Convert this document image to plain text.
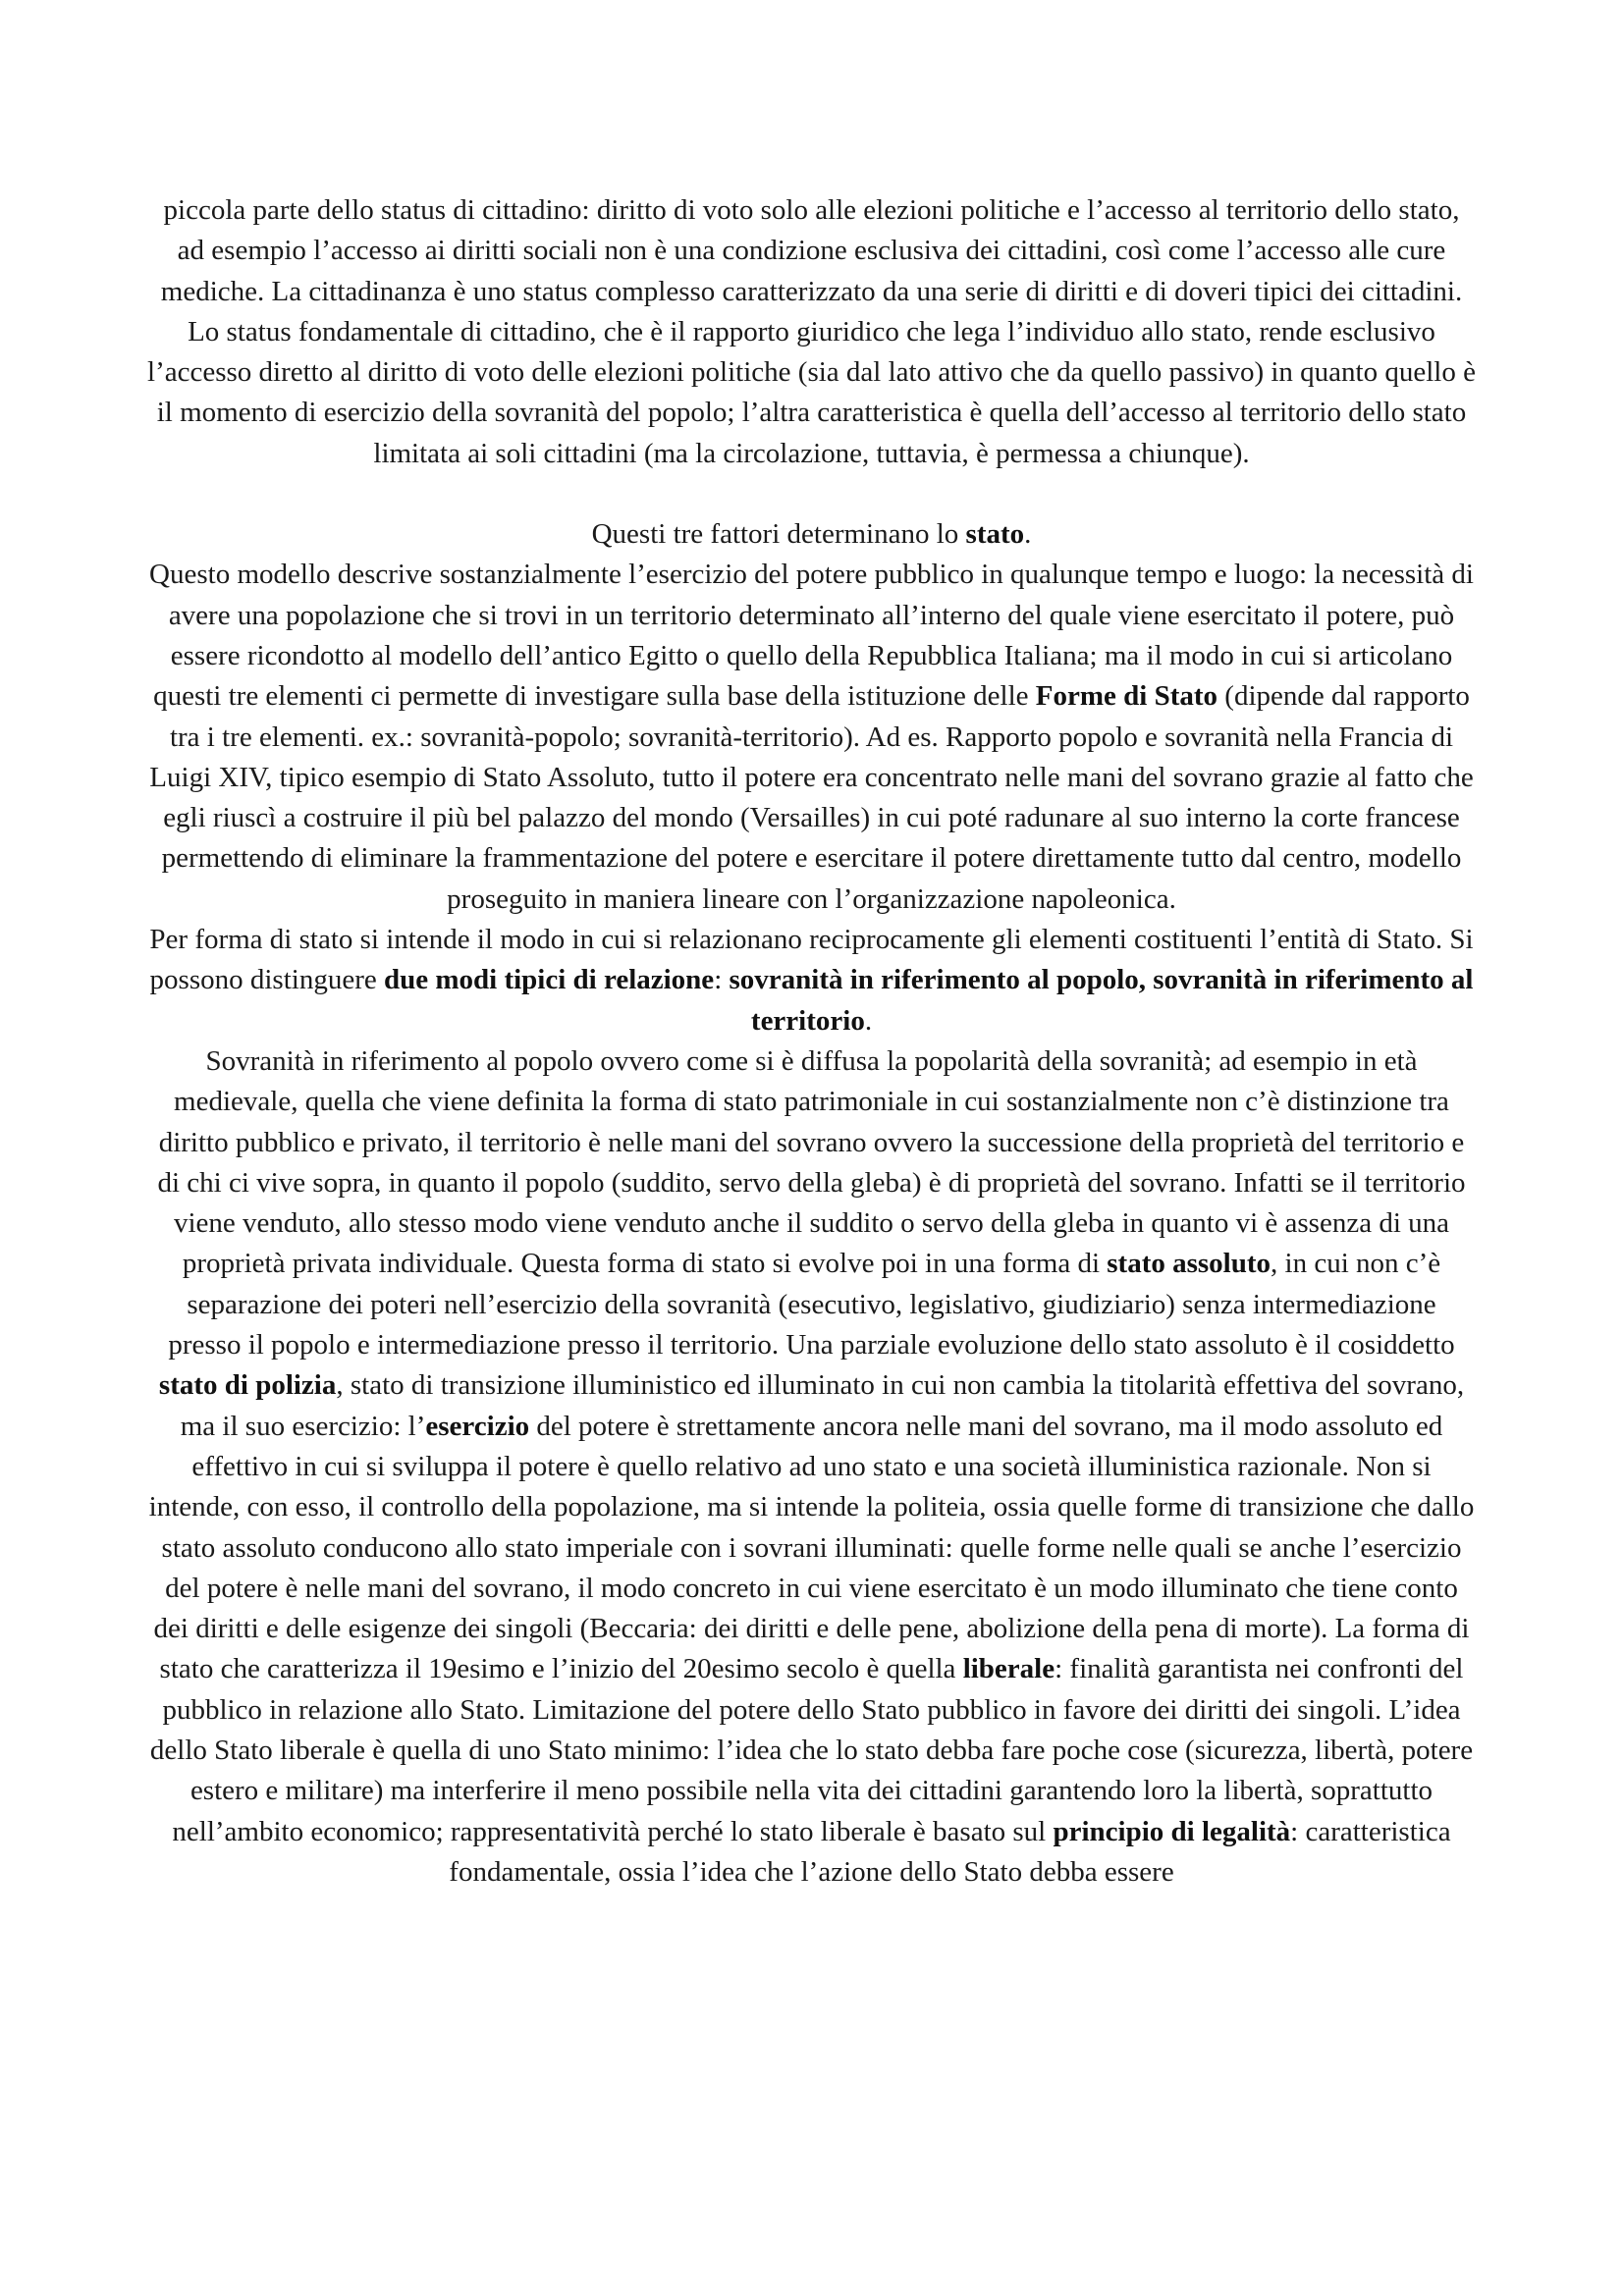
piccola parte dello status di cittadino: diritto di voto solo alle elezioni politiche e l’accesso al territorio dello stato, ad esempio l’accesso ai diritti sociali non è una condizione esclusiva dei cittadini, così come l’accesso alle cure mediche. La cittadinanza è uno status complesso caratterizzato da una serie di diritti e di doveri tipici dei cittadini. Lo status fondamentale di cittadino, che è il rapporto giuridico che lega l’individuo allo stato, rende esclusivo l’accesso diretto al diritto di voto delle elezioni politiche (sia dal lato attivo che da quello passivo) in quanto quello è il momento di esercizio della sovranità del popolo; l’altra caratteristica è quella dell’accesso al territorio dello stato limitata ai soli cittadini (ma la circolazione, tuttavia, è permessa a chiunque).

Questi tre fattori determinano lo stato.

Questo modello descrive sostanzialmente l’esercizio del potere pubblico in qualunque tempo e luogo: la necessità di avere una popolazione che si trovi in un territorio determinato all’interno del quale viene esercitato il potere, può essere ricondotto al modello dell’antico Egitto o quello della Repubblica Italiana; ma il modo in cui si articolano questi tre elementi ci permette di investigare sulla base della istituzione delle Forme di Stato (dipende dal rapporto tra i tre elementi. ex.: sovranità-popolo; sovranità-territorio). Ad es. Rapporto popolo e sovranità nella Francia di Luigi XIV, tipico esempio di Stato Assoluto, tutto il potere era concentrato nelle mani del sovrano grazie al fatto che egli riuscì a costruire il più bel palazzo del mondo (Versailles) in cui poté radunare al suo interno la corte francese permettendo di eliminare la frammentazione del potere e esercitare il potere direttamente tutto dal centro, modello proseguito in maniera lineare con l’organizzazione napoleonica.

Per forma di stato si intende il modo in cui si relazionano reciprocamente gli elementi costituenti l’entità di Stato. Si possono distinguere due modi tipici di relazione: sovranità in riferimento al popolo, sovranità in riferimento al territorio.

Sovranità in riferimento al popolo ovvero come si è diffusa la popolarità della sovranità; ad esempio in età medievale, quella che viene definita la forma di stato patrimoniale in cui sostanzialmente non c’è distinzione tra diritto pubblico e privato, il territorio è nelle mani del sovrano ovvero la successione della proprietà del territorio e di chi ci vive sopra, in quanto il popolo (suddito, servo della gleba) è di proprietà del sovrano. Infatti se il territorio viene venduto, allo stesso modo viene venduto anche il suddito o servo della gleba in quanto vi è assenza di una proprietà privata individuale. Questa forma di stato si evolve poi in una forma di stato assoluto, in cui non c’è separazione dei poteri nell’esercizio della sovranità (esecutivo, legislativo, giudiziario) senza intermediazione presso il popolo e intermediazione presso il territorio. Una parziale evoluzione dello stato assoluto è il cosiddetto stato di polizia, stato di transizione illuministico ed illuminato in cui non cambia la titolarità effettiva del sovrano, ma il suo esercizio: l’esercizio del potere è strettamente ancora nelle mani del sovrano, ma il modo assoluto ed effettivo in cui si sviluppa il potere è quello relativo ad uno stato e una società illuministica razionale. Non si intende, con esso, il controllo della popolazione, ma si intende la politeia, ossia quelle forme di transizione che dallo stato assoluto conducono allo stato imperiale con i sovrani illuminati: quelle forme nelle quali se anche l’esercizio del potere è nelle mani del sovrano, il modo concreto in cui viene esercitato è un modo illuminato che tiene conto dei diritti e delle esigenze dei singoli (Beccaria: dei diritti e delle pene, abolizione della pena di morte). La forma di stato che caratterizza il 19esimo e l’inizio del 20esimo secolo è quella liberale: finalità garantista nei confronti del pubblico in relazione allo Stato. Limitazione del potere dello Stato pubblico in favore dei diritti dei singoli. L’idea dello Stato liberale è quella di uno Stato minimo: l’idea che lo stato debba fare poche cose (sicurezza, libertà, potere estero e militare) ma interferire il meno possibile nella vita dei cittadini garantendo loro la libertà, soprattutto nell’ambito economico; rappresentatività perché lo stato liberale è basato sul principio di legalità: caratteristica fondamentale, ossia l’idea che l’azione dello Stato debba essere
